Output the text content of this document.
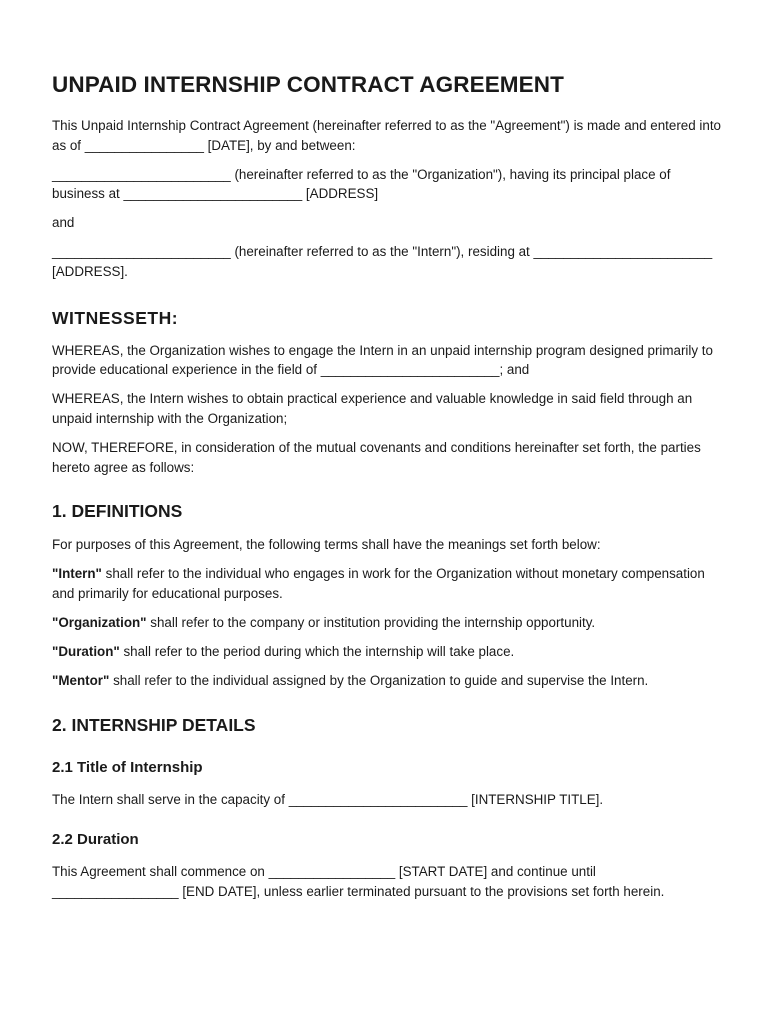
UNPAID INTERNSHIP CONTRACT AGREEMENT

This Unpaid Internship Contract Agreement (hereinafter referred to as the "Agreement") is made and entered into as of ________________ [DATE], by and between:

________________________ (hereinafter referred to as the "Organization"), having its principal place of business at ________________________ [ADDRESS]

and

________________________ (hereinafter referred to as the "Intern"), residing at ________________________ [ADDRESS].

WITNESSETH:

WHEREAS, the Organization wishes to engage the Intern in an unpaid internship program designed primarily to provide educational experience in the field of ________________________; and

WHEREAS, the Intern wishes to obtain practical experience and valuable knowledge in said field through an unpaid internship with the Organization;

NOW, THEREFORE, in consideration of the mutual covenants and conditions hereinafter set forth, the parties hereto agree as follows:

1. DEFINITIONS

For purposes of this Agreement, the following terms shall have the meanings set forth below:

"Intern" shall refer to the individual who engages in work for the Organization without monetary compensation and primarily for educational purposes.

"Organization" shall refer to the company or institution providing the internship opportunity.

"Duration" shall refer to the period during which the internship will take place.

"Mentor" shall refer to the individual assigned by the Organization to guide and supervise the Intern.

2. INTERNSHIP DETAILS
2.1 Title of Internship

The Intern shall serve in the capacity of ________________________ [INTERNSHIP TITLE].

2.2 Duration

This Agreement shall commence on _________________ [START DATE] and continue until _________________ [END DATE], unless earlier terminated pursuant to the provisions set forth herein.
